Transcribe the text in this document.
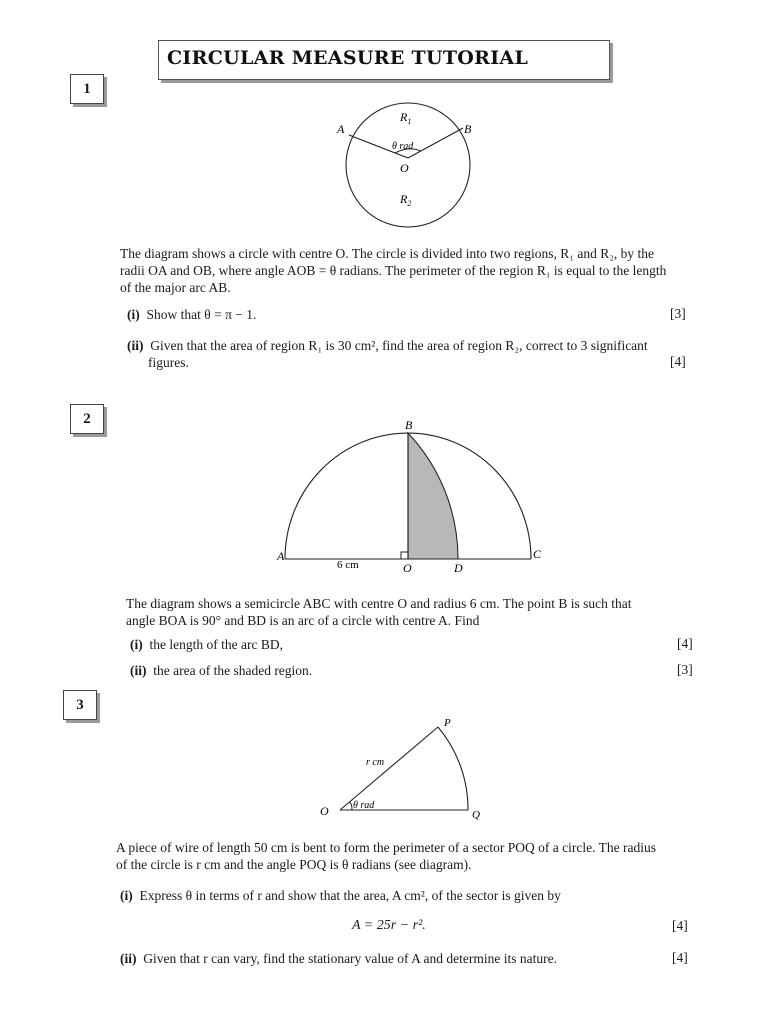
CIRCULAR MEASURE TUTORIAL
1
$R_1$
A	B
θ rad
O
$R_2$
The diagram shows a circle with centre O. The circle is divided into two regions, R₁ and R₂, by the
radii OA and OB, where angle AOB = θ radians. The perimeter of the region R₁ is equal to the length
of the major arc AB.
(i) Show that θ = π − 1.	[3]
(ii) Given that the area of region R₁ is 30 cm², find the area of region R₂, correct to 3 significant
figures.	[4]
2	B
A	C
6 cm	O	D
The diagram shows a semicircle ABC with centre O and radius 6 cm. The point B is such that
angle BOA is 90° and BD is an arc of a circle with centre A. Find
(i) the length of the arc BD,	[4]
(ii) the area of the shaded region.	[3]
3
P
r cm
O θ rad
Q
A piece of wire of length 50 cm is bent to form the perimeter of a sector POQ of a circle. The radius
of the circle is r cm and the angle POQ is θ radians (see diagram).
(i) Express θ in terms of r and show that the area, A cm², of the sector is given by
A = 25r − r².	[4]
(ii) Given that r can vary, find the stationary value of A and determine its nature.	[4]
